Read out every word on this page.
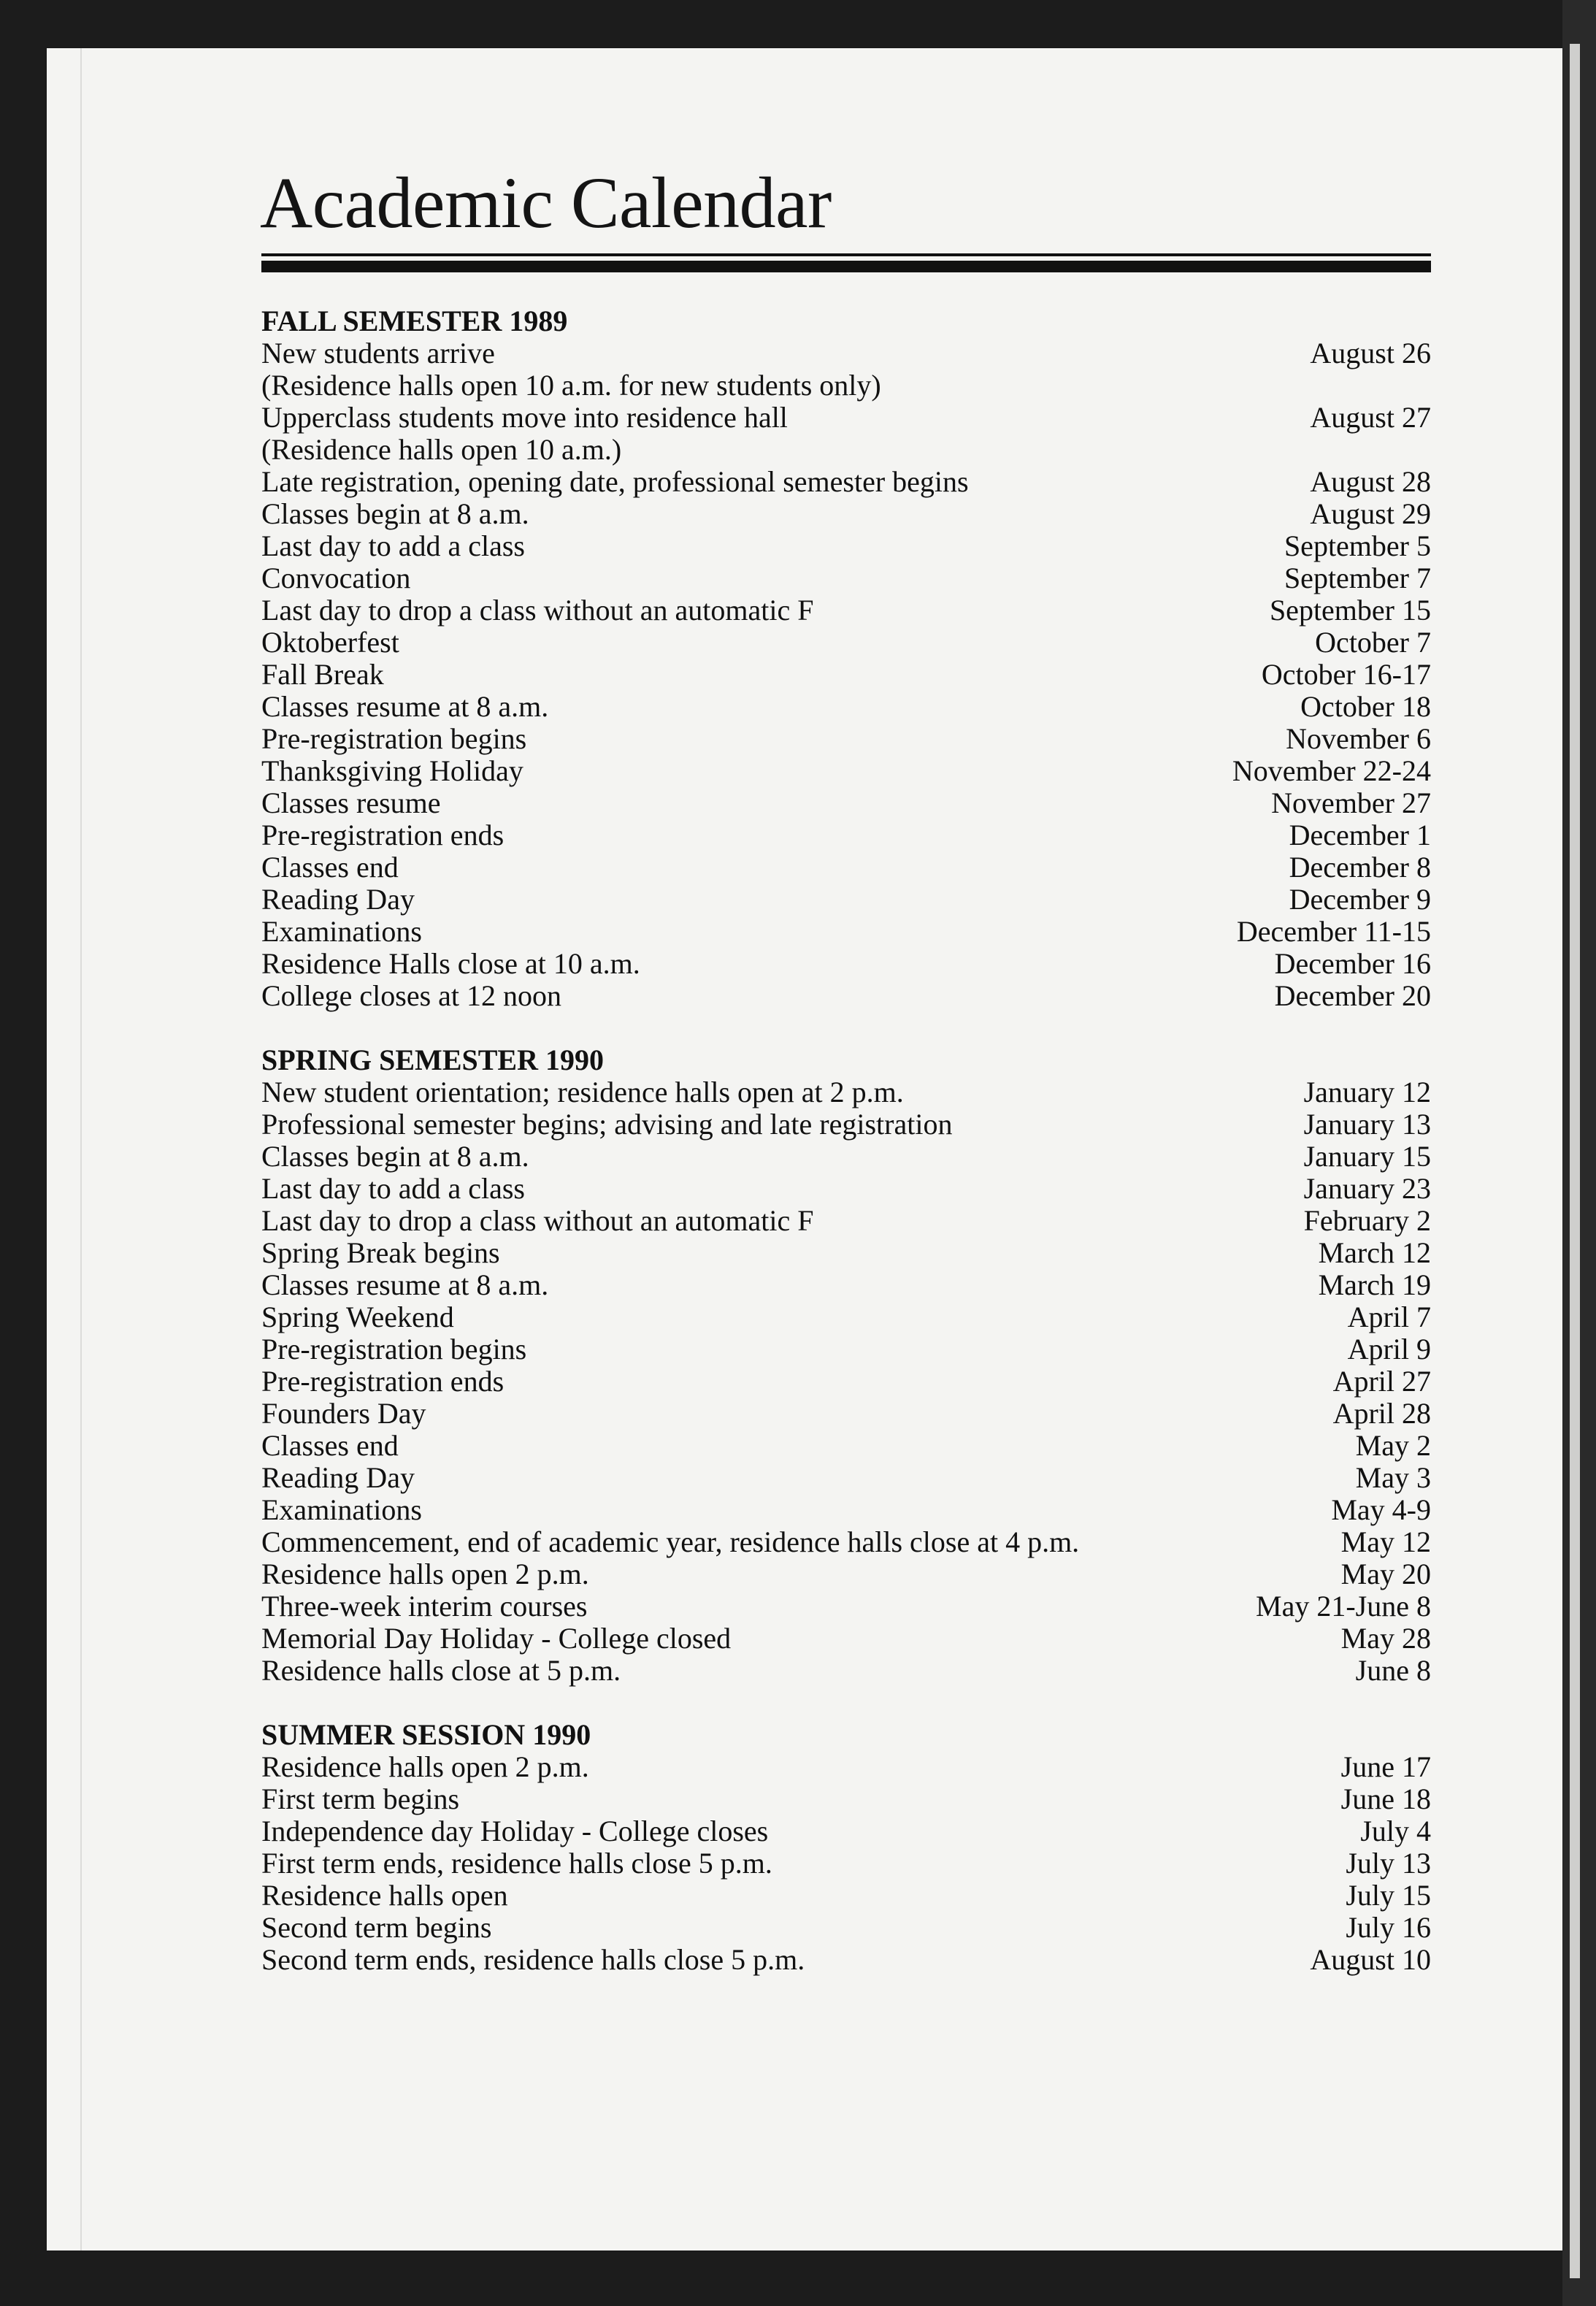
Academic Calendar
FALL SEMESTER 1989
New students arrive	August 26
(Residence halls open 10 a.m. for new students only)
Upperclass students move into residence hall	August 27
(Residence halls open 10 a.m.)
Late registration, opening date, professional semester begins	August 28
Classes begin at 8 a.m.	August 29
Last day to add a class	September 5
Convocation	September 7
Last day to drop a class without an automatic F	September 15
Oktoberfest	October 7
Fall Break	October 16-17
Classes resume at 8 a.m.	October 18
Pre-registration begins	November 6
Thanksgiving Holiday	November 22-24
Classes resume	November 27
Pre-registration ends	December 1
Classes end	December 8
Reading Day	December 9
Examinations	December 11-15
Residence Halls close at 10 a.m.	December 16
College closes at 12 noon	December 20
SPRING SEMESTER 1990
New student orientation; residence halls open at 2 p.m.	January 12
Professional semester begins; advising and late registration	January 13
Classes begin at 8 a.m.	January 15
Last day to add a class	January 23
Last day to drop a class without an automatic F	February 2
Spring Break begins	March 12
Classes resume at 8 a.m.	March 19
Spring Weekend	April 7
Pre-registration begins	April 9
Pre-registration ends	April 27
Founders Day	April 28
Classes end	May 2
Reading Day	May 3
Examinations	May 4-9
Commencement, end of academic year, residence halls close at 4 p.m.	May 12
Residence halls open 2 p.m.	May 20
Three-week interim courses	May 21-June 8
Memorial Day Holiday - College closed	May 28
Residence halls close at 5 p.m.	June 8
SUMMER SESSION 1990
Residence halls open 2 p.m.	June 17
First term begins	June 18
Independence day Holiday - College closes	July 4
First term ends, residence halls close 5 p.m.	July 13
Residence halls open	July 15
Second term begins	July 16
Second term ends, residence halls close 5 p.m.	August 10
